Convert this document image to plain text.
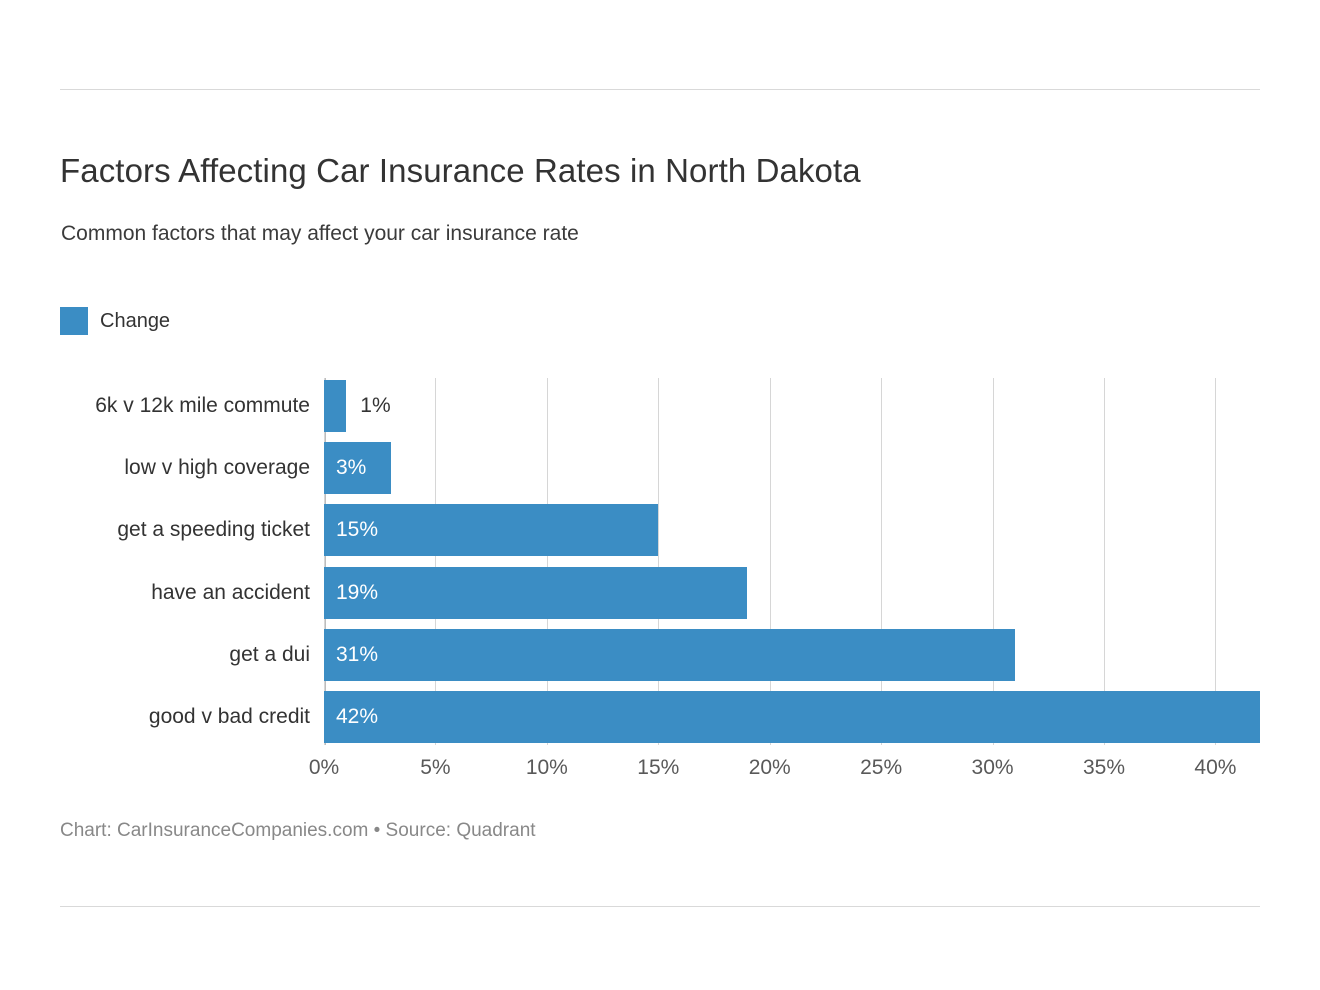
Factors Affecting Car Insurance Rates in North Dakota
Common factors that may affect your car insurance rate
Change
1%
3%
15%
19%
31%
42%
0%	5%	10%	15%	20%	25%	30%	35%	40%
6k v 12k mile commute
low v high coverage
get a speeding ticket
have an accident
get a dui
good v bad credit
Chart: CarInsuranceCompanies.com • Source: Quadrant
